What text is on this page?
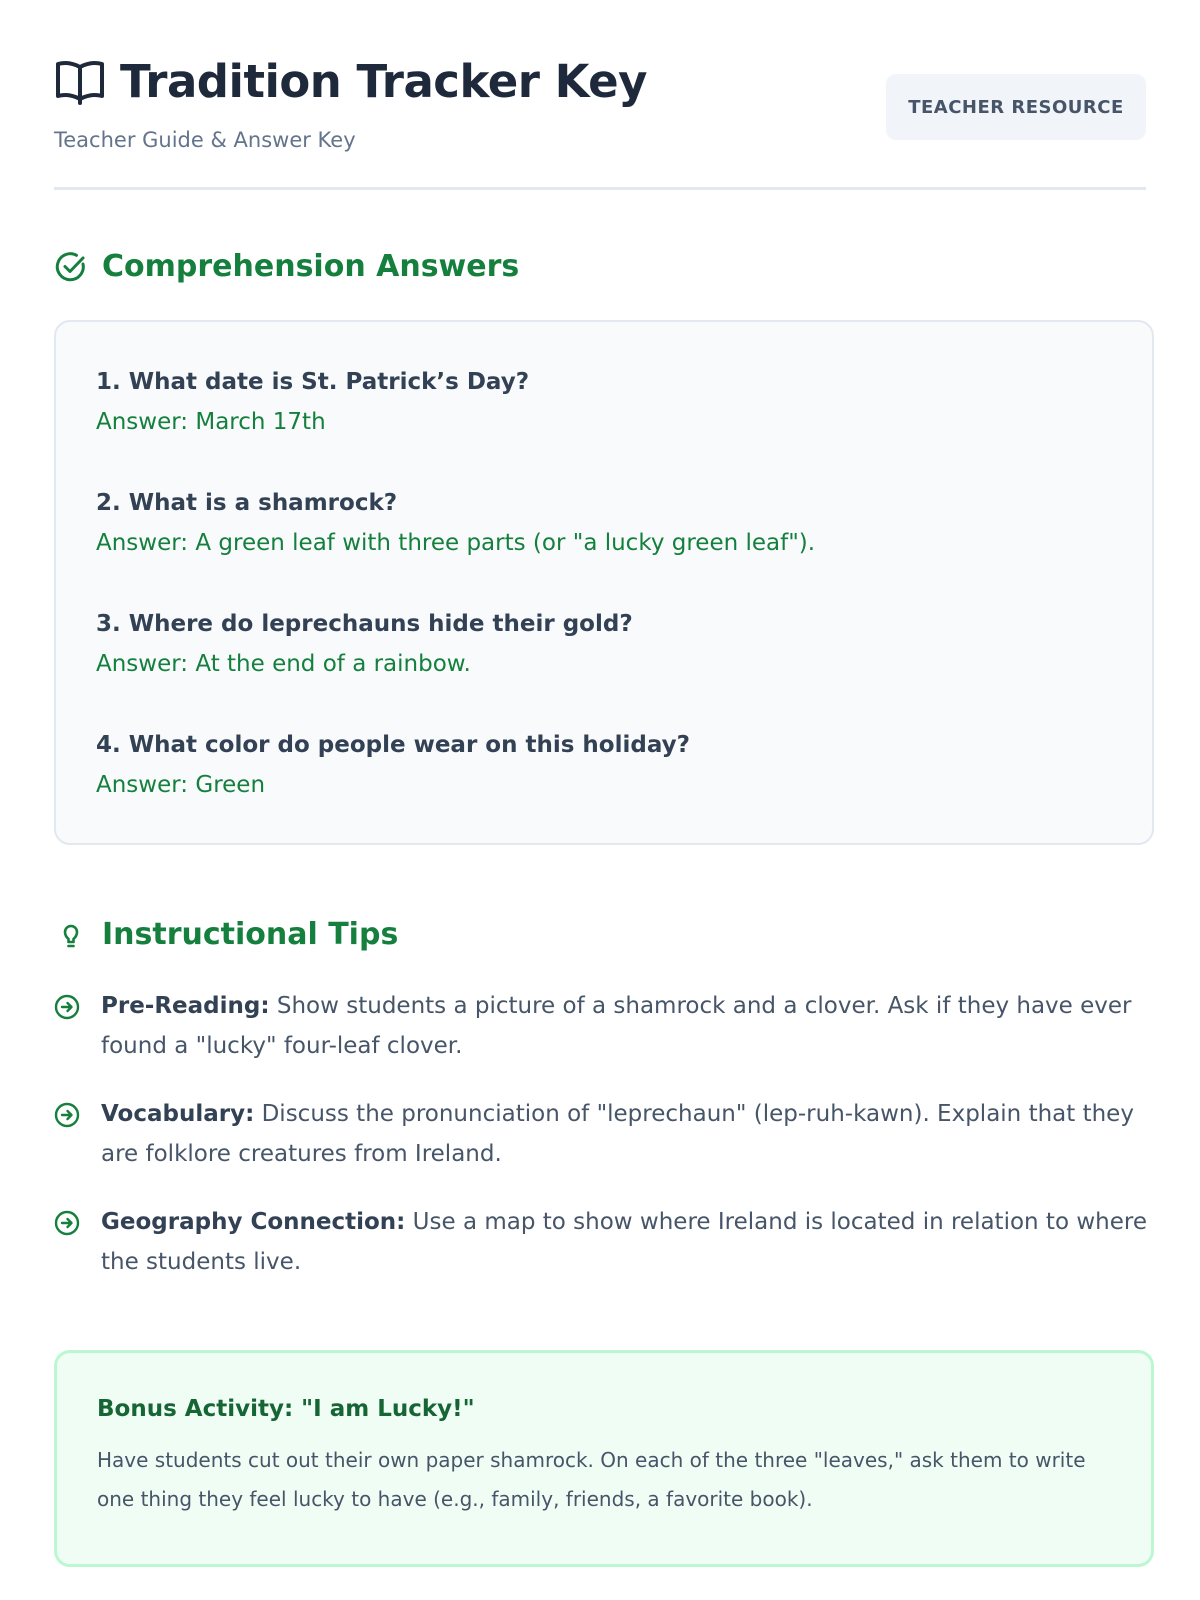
Tradition Tracker Key
Teacher Guide & Answer Key
TEACHER RESOURCE
Comprehension Answers
1. What date is St. Patrick’s Day?
Answer: March 17th
2. What is a shamrock?
Answer: A green leaf with three parts (or "a lucky green leaf").
3. Where do leprechauns hide their gold?
Answer: At the end of a rainbow.
4. What color do people wear on this holiday?
Answer: Green
Instructional Tips
Pre-Reading: Show students a picture of a shamrock and a clover. Ask if they have ever found a "lucky" four-leaf clover.
Vocabulary: Discuss the pronunciation of "leprechaun" (lep-ruh-kawn). Explain that they are folklore creatures from Ireland.
Geography Connection: Use a map to show where Ireland is located in relation to where the students live.
Bonus Activity: "I am Lucky!"
Have students cut out their own paper shamrock. On each of the three "leaves," ask them to write one thing they feel lucky to have (e.g., family, friends, a favorite book).
